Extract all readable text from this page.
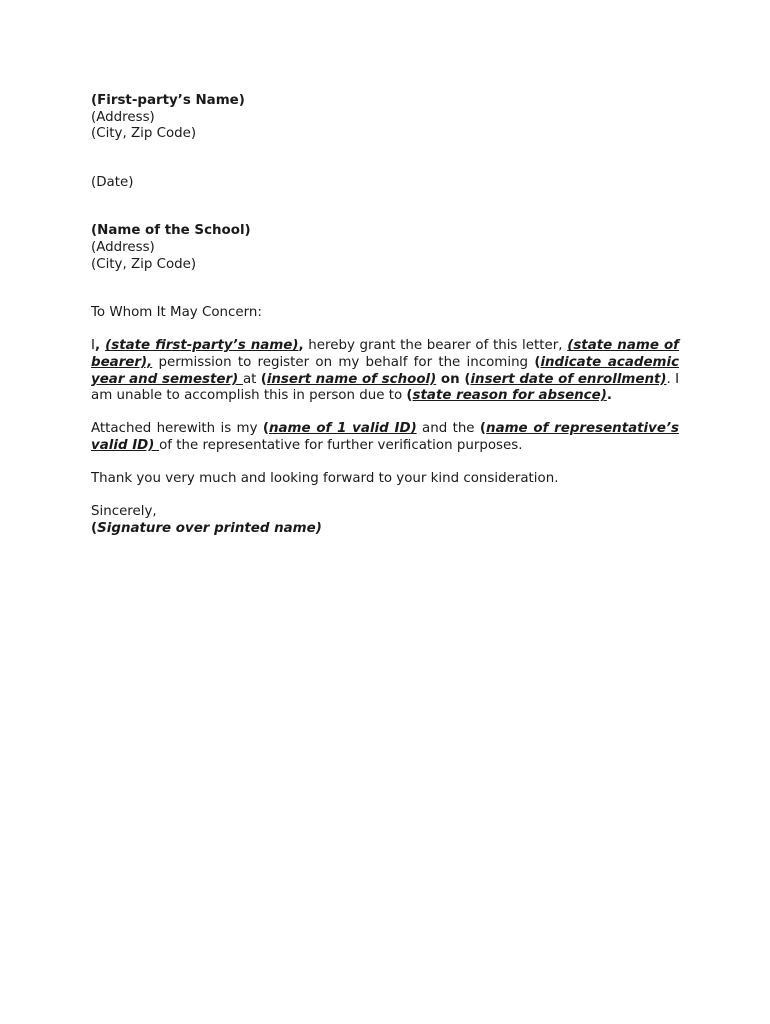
(First-party’s Name)
(Address)
(City, Zip Code)
(Date)
(Name of the School)
(Address)
(City, Zip Code)
To Whom It May Concern:
I, (state first-party’s name), hereby grant the bearer of this letter, (state name of bearer), permission to register on my behalf for the incoming (indicate academic year and semester) at (insert name of school) on (insert date of enrollment). I am unable to accomplish this in person due to (state reason for absence).
Attached herewith is my (name of 1 valid ID) and the (name of representative’s valid ID) of the representative for further verification purposes.
Thank you very much and looking forward to your kind consideration.
Sincerely,
(Signature over printed name)
